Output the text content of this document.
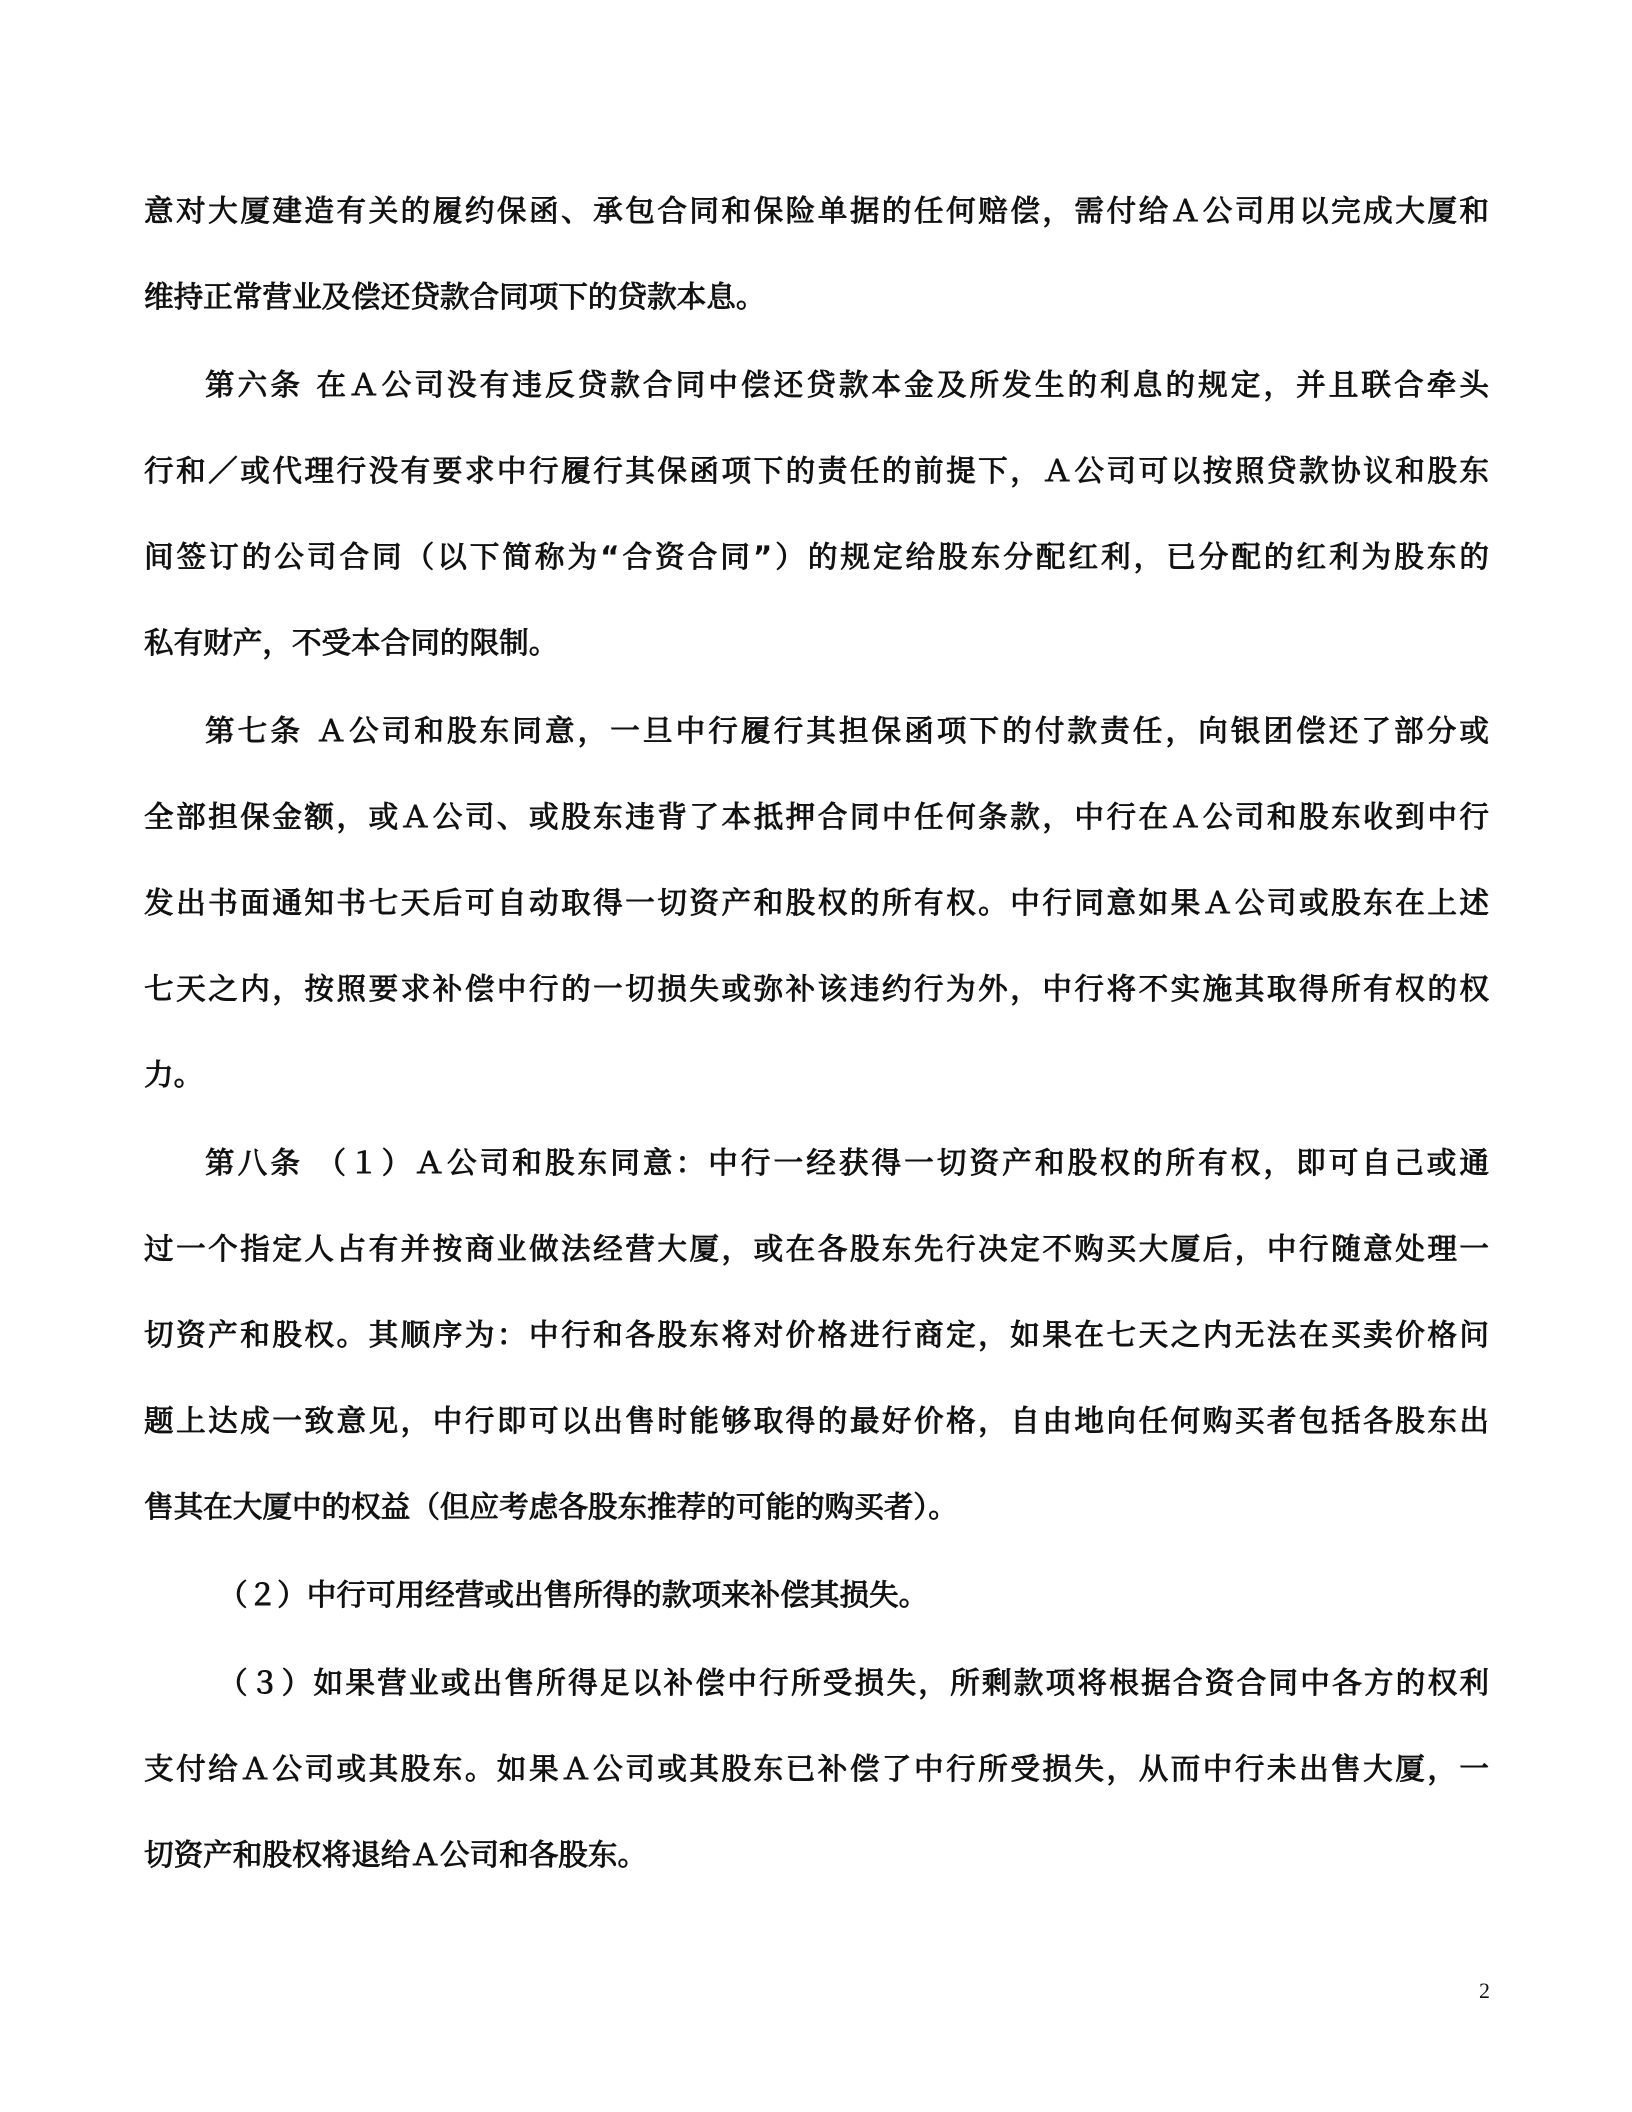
意对大厦建造有关的履约保函、承包合同和保险单据的任何赔偿，需付给Ａ公司用以完成大厦和
维持正常营业及偿还贷款合同项下的贷款本息。
第六条 在Ａ公司没有违反贷款合同中偿还贷款本金及所发生的利息的规定，并且联合牵头
行和／或代理行没有要求中行履行其保函项下的责任的前提下，Ａ公司可以按照贷款协议和股东
间签订的公司合同（以下简称为“合资合同”）的规定给股东分配红利，已分配的红利为股东的
私有财产，不受本合同的限制。
第七条 Ａ公司和股东同意，一旦中行履行其担保函项下的付款责任，向银团偿还了部分或
全部担保金额，或Ａ公司、或股东违背了本抵押合同中任何条款，中行在Ａ公司和股东收到中行
发出书面通知书七天后可自动取得一切资产和股权的所有权。中行同意如果Ａ公司或股东在上述
七天之内，按照要求补偿中行的一切损失或弥补该违约行为外，中行将不实施其取得所有权的权
力。
第八条 （１）Ａ公司和股东同意：中行一经获得一切资产和股权的所有权，即可自己或通
过一个指定人占有并按商业做法经营大厦，或在各股东先行决定不购买大厦后，中行随意处理一
切资产和股权。其顺序为：中行和各股东将对价格进行商定，如果在七天之内无法在买卖价格问
题上达成一致意见，中行即可以出售时能够取得的最好价格，自由地向任何购买者包括各股东出
售其在大厦中的权益（但应考虑各股东推荐的可能的购买者）。
（２）中行可用经营或出售所得的款项来补偿其损失。
（３）如果营业或出售所得足以补偿中行所受损失，所剩款项将根据合资合同中各方的权利
支付给Ａ公司或其股东。如果Ａ公司或其股东已补偿了中行所受损失，从而中行未出售大厦，一
切资产和股权将退给Ａ公司和各股东。
2
